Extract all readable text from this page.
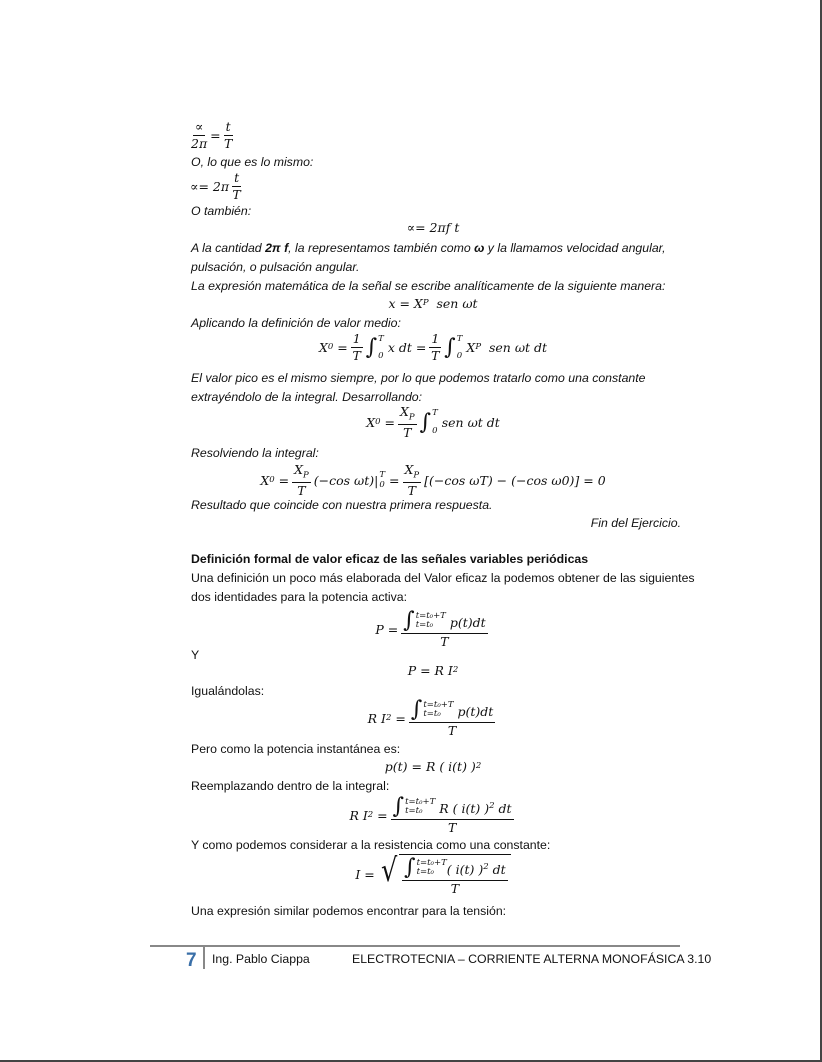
$\frac{\propto}{2\pi} = \frac{t}{T}$
O, lo que es lo mismo:
∝= $2\pi \frac{t}{T}$
O también:
∝= 2πf t
A la cantidad 2π f, la representamos también como ω y la llamamos velocidad angular,
pulsación, o pulsación angular.
La expresión matemática de la señal se escribe analíticamente de la siguiente manera:
x = X P sen ωt
Aplicando la definición de valor medio:
X 0
= $\frac{1}{T}$ ∫ T
0

x dt = $\frac{1}{T}$ ∫ T
0

X P sen ωt dt
El valor pico es el mismo siempre, por lo que podemos tratarlo como una constante
extrayéndolo de la integral. Desarrollando:
X 0
= $\frac{X_P}{T}$ ∫ T
0

sen ωt dt
Resolviendo la integral:
X 0
= $\frac{X_P}{T} (-\cos$ ωt)| T
0
= $\frac{X_P}{T} [(-\cos$ ωT) − (−cos ω0)] = 0
Resultado que coincide con nuestra primera respuesta.
Fin del Ejercicio.
Definición formal de valor eficaz de las señales variables periódicas
Una definición un poco más elaborada del Valor eficaz la podemos obtener de las siguientes
dos identidades para la potencia activa:
P
= ∫ t=t₀+T
t=t₀	p(t)dt
T
Y
P = R I 2
Igualándolas:
R I 2
= ∫ t=t₀+T
t=t₀	p(t)dt
T
Pero como la potencia instantánea es:
p(t) = R ( i(t) ) 2
Reemplazando dentro de la integral:
R I 2
= ∫ t=t₀+T
t=t₀	R ( i(t) )$^2$ dt
T
Y como podemos considerar a la resistencia como una constante:
I
=
√ ∫ t=t₀+T
t=t₀	( i(t) )$^2$ dt
T
Una expresión similar podemos encontrar para la tensión:
7 Ing. Pablo Ciappa	ELECTROTECNIA – CORRIENTE ALTERNA MONOFÁSICA 3.10
